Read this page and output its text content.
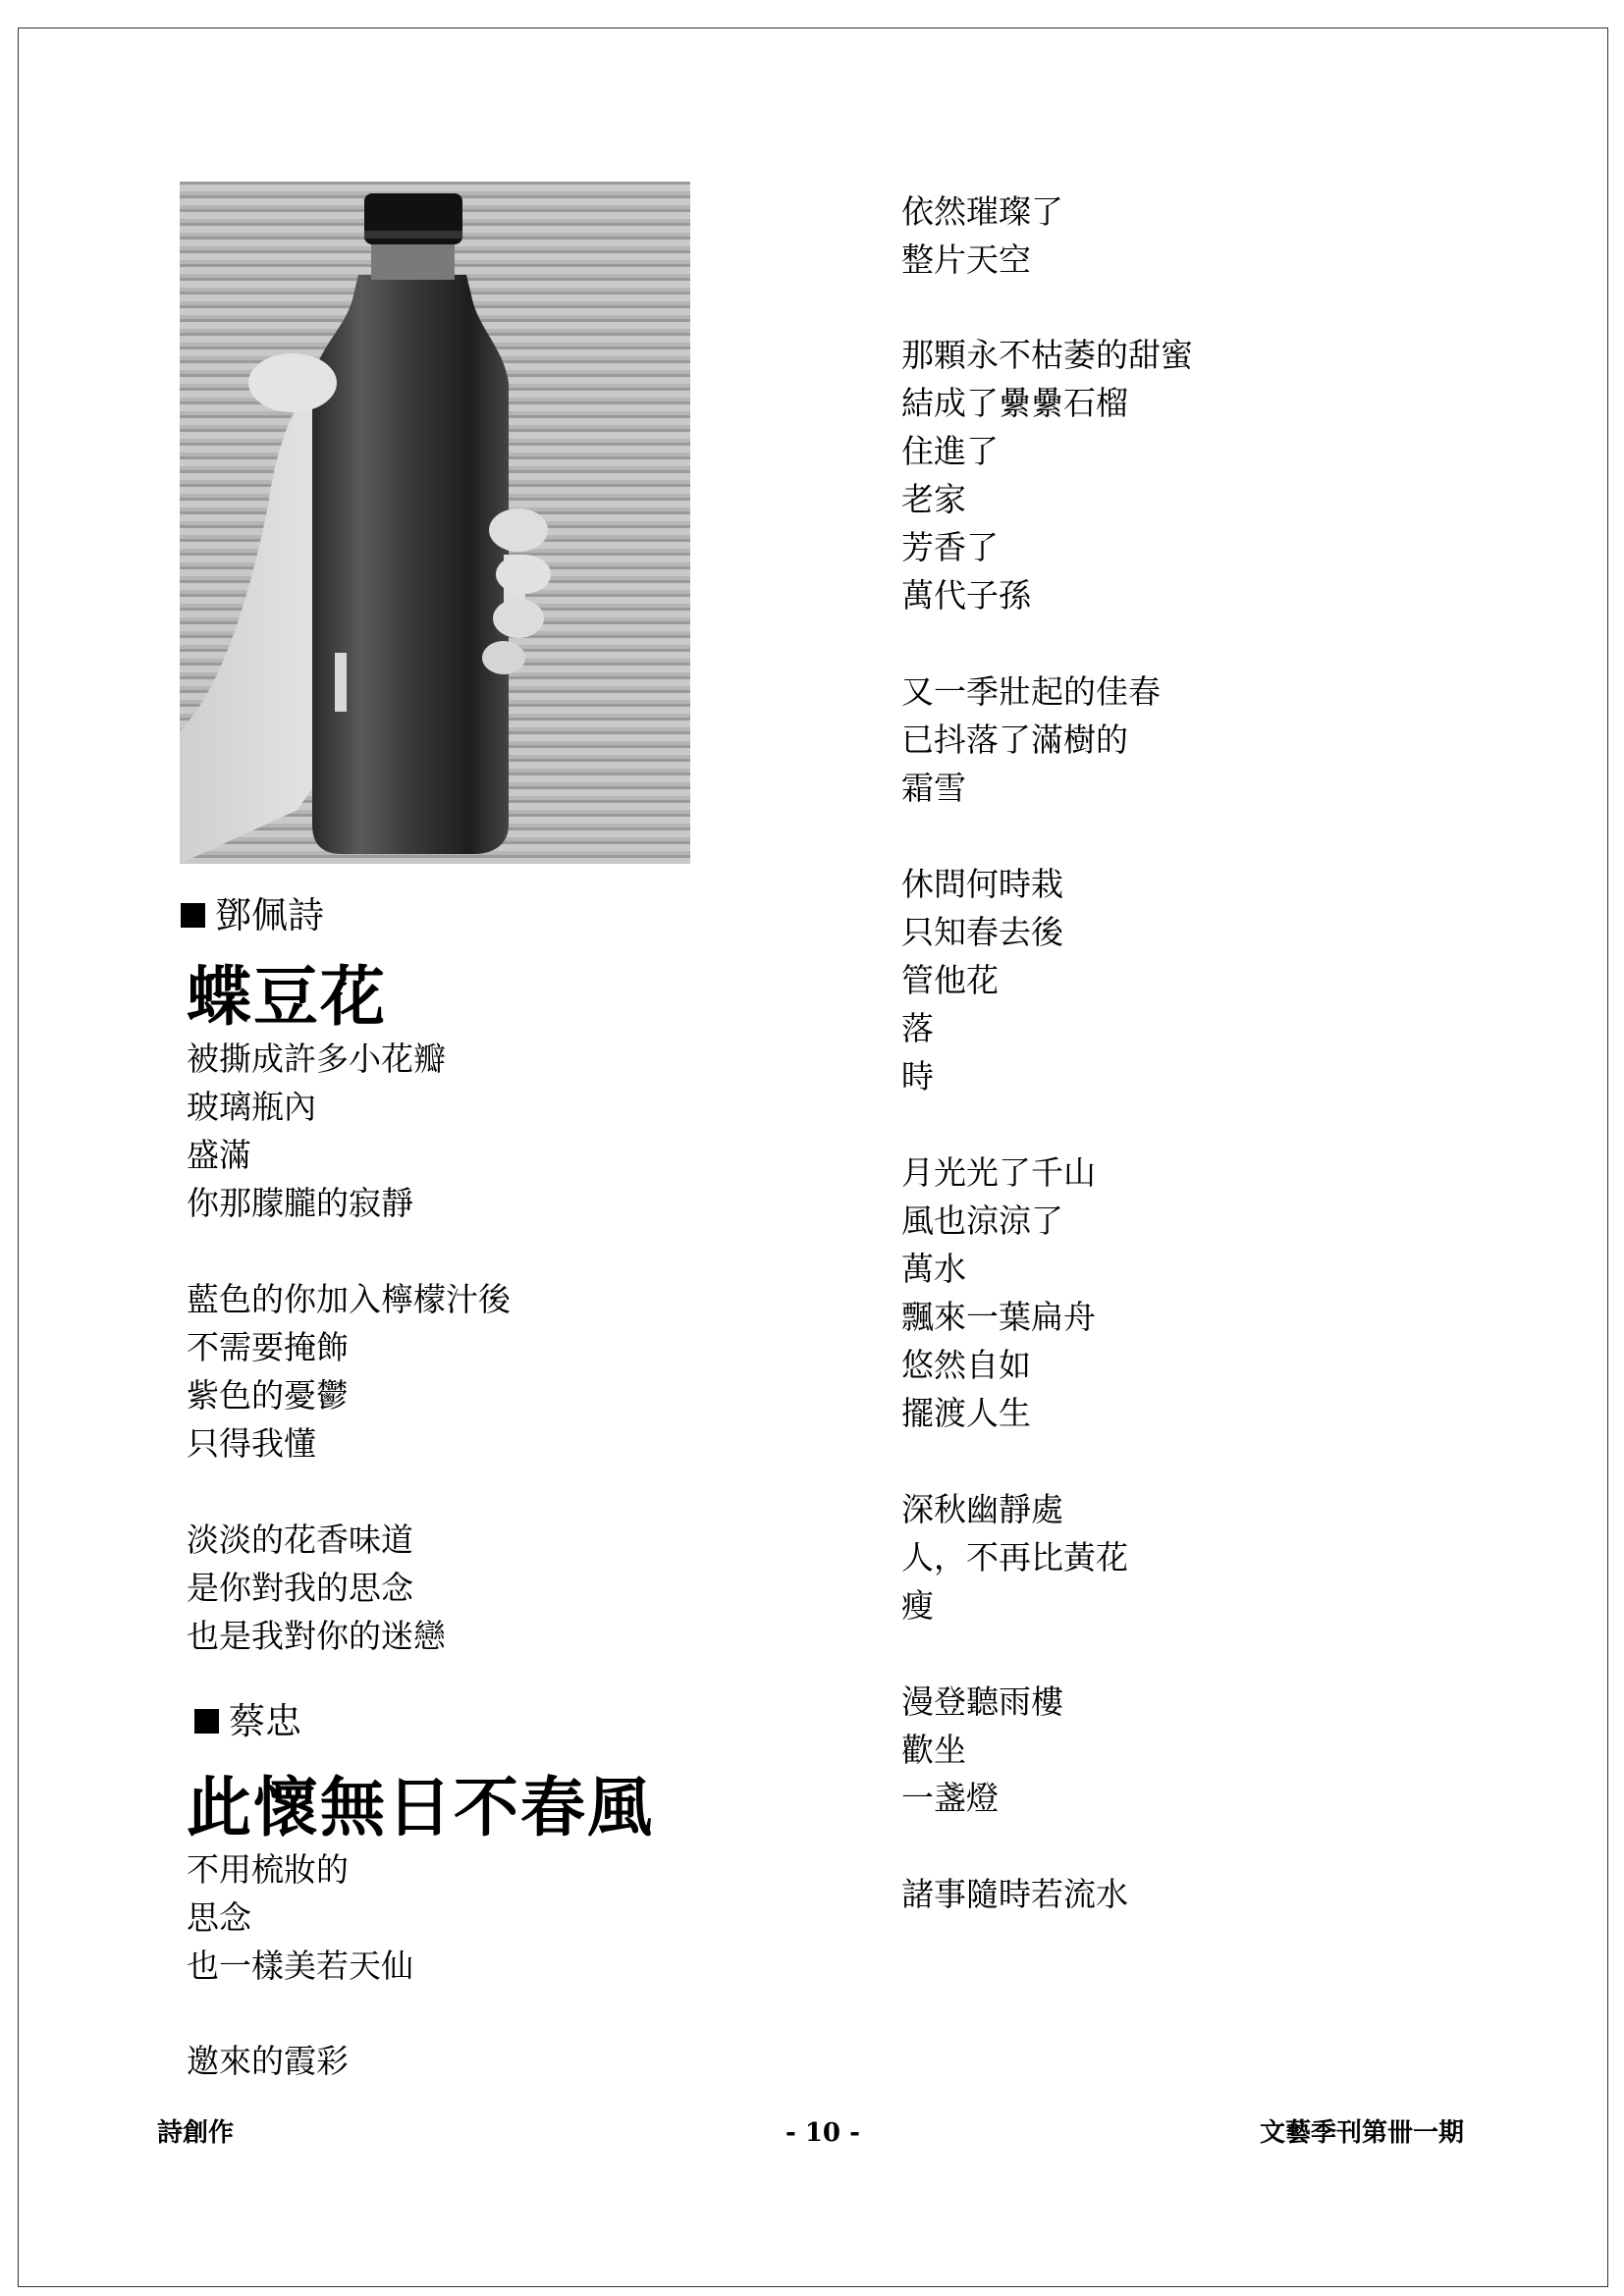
鄧佩詩
蝶豆花
被撕成許多小花瓣
玻璃瓶內
盛滿
你那朦朧的寂靜
藍色的你加入檸檬汁後
不需要掩飾
紫色的憂鬱
只得我懂
淡淡的花香味道
是你對我的思念
也是我對你的迷戀
蔡忠
此懷無日不春風
不用梳妝的
思念
也一樣美若天仙
邀來的霞彩
依然璀璨了
整片天空
那顆永不枯萎的甜蜜
結成了纍纍石榴
住進了
老家
芳香了
萬代子孫
又一季壯起的佳春
已抖落了滿樹的
霜雪
休問何時栽
只知春去後
管他花
落
時
月光光了千山
風也涼涼了
萬水
飄來一葉扁舟
悠然自如
擺渡人生
深秋幽靜處
人，不再比黃花
瘦
漫登聽雨樓
歡坐
一盞燈
諸事隨時若流水
詩創作	- 10 -	文藝季刊第卌一期
